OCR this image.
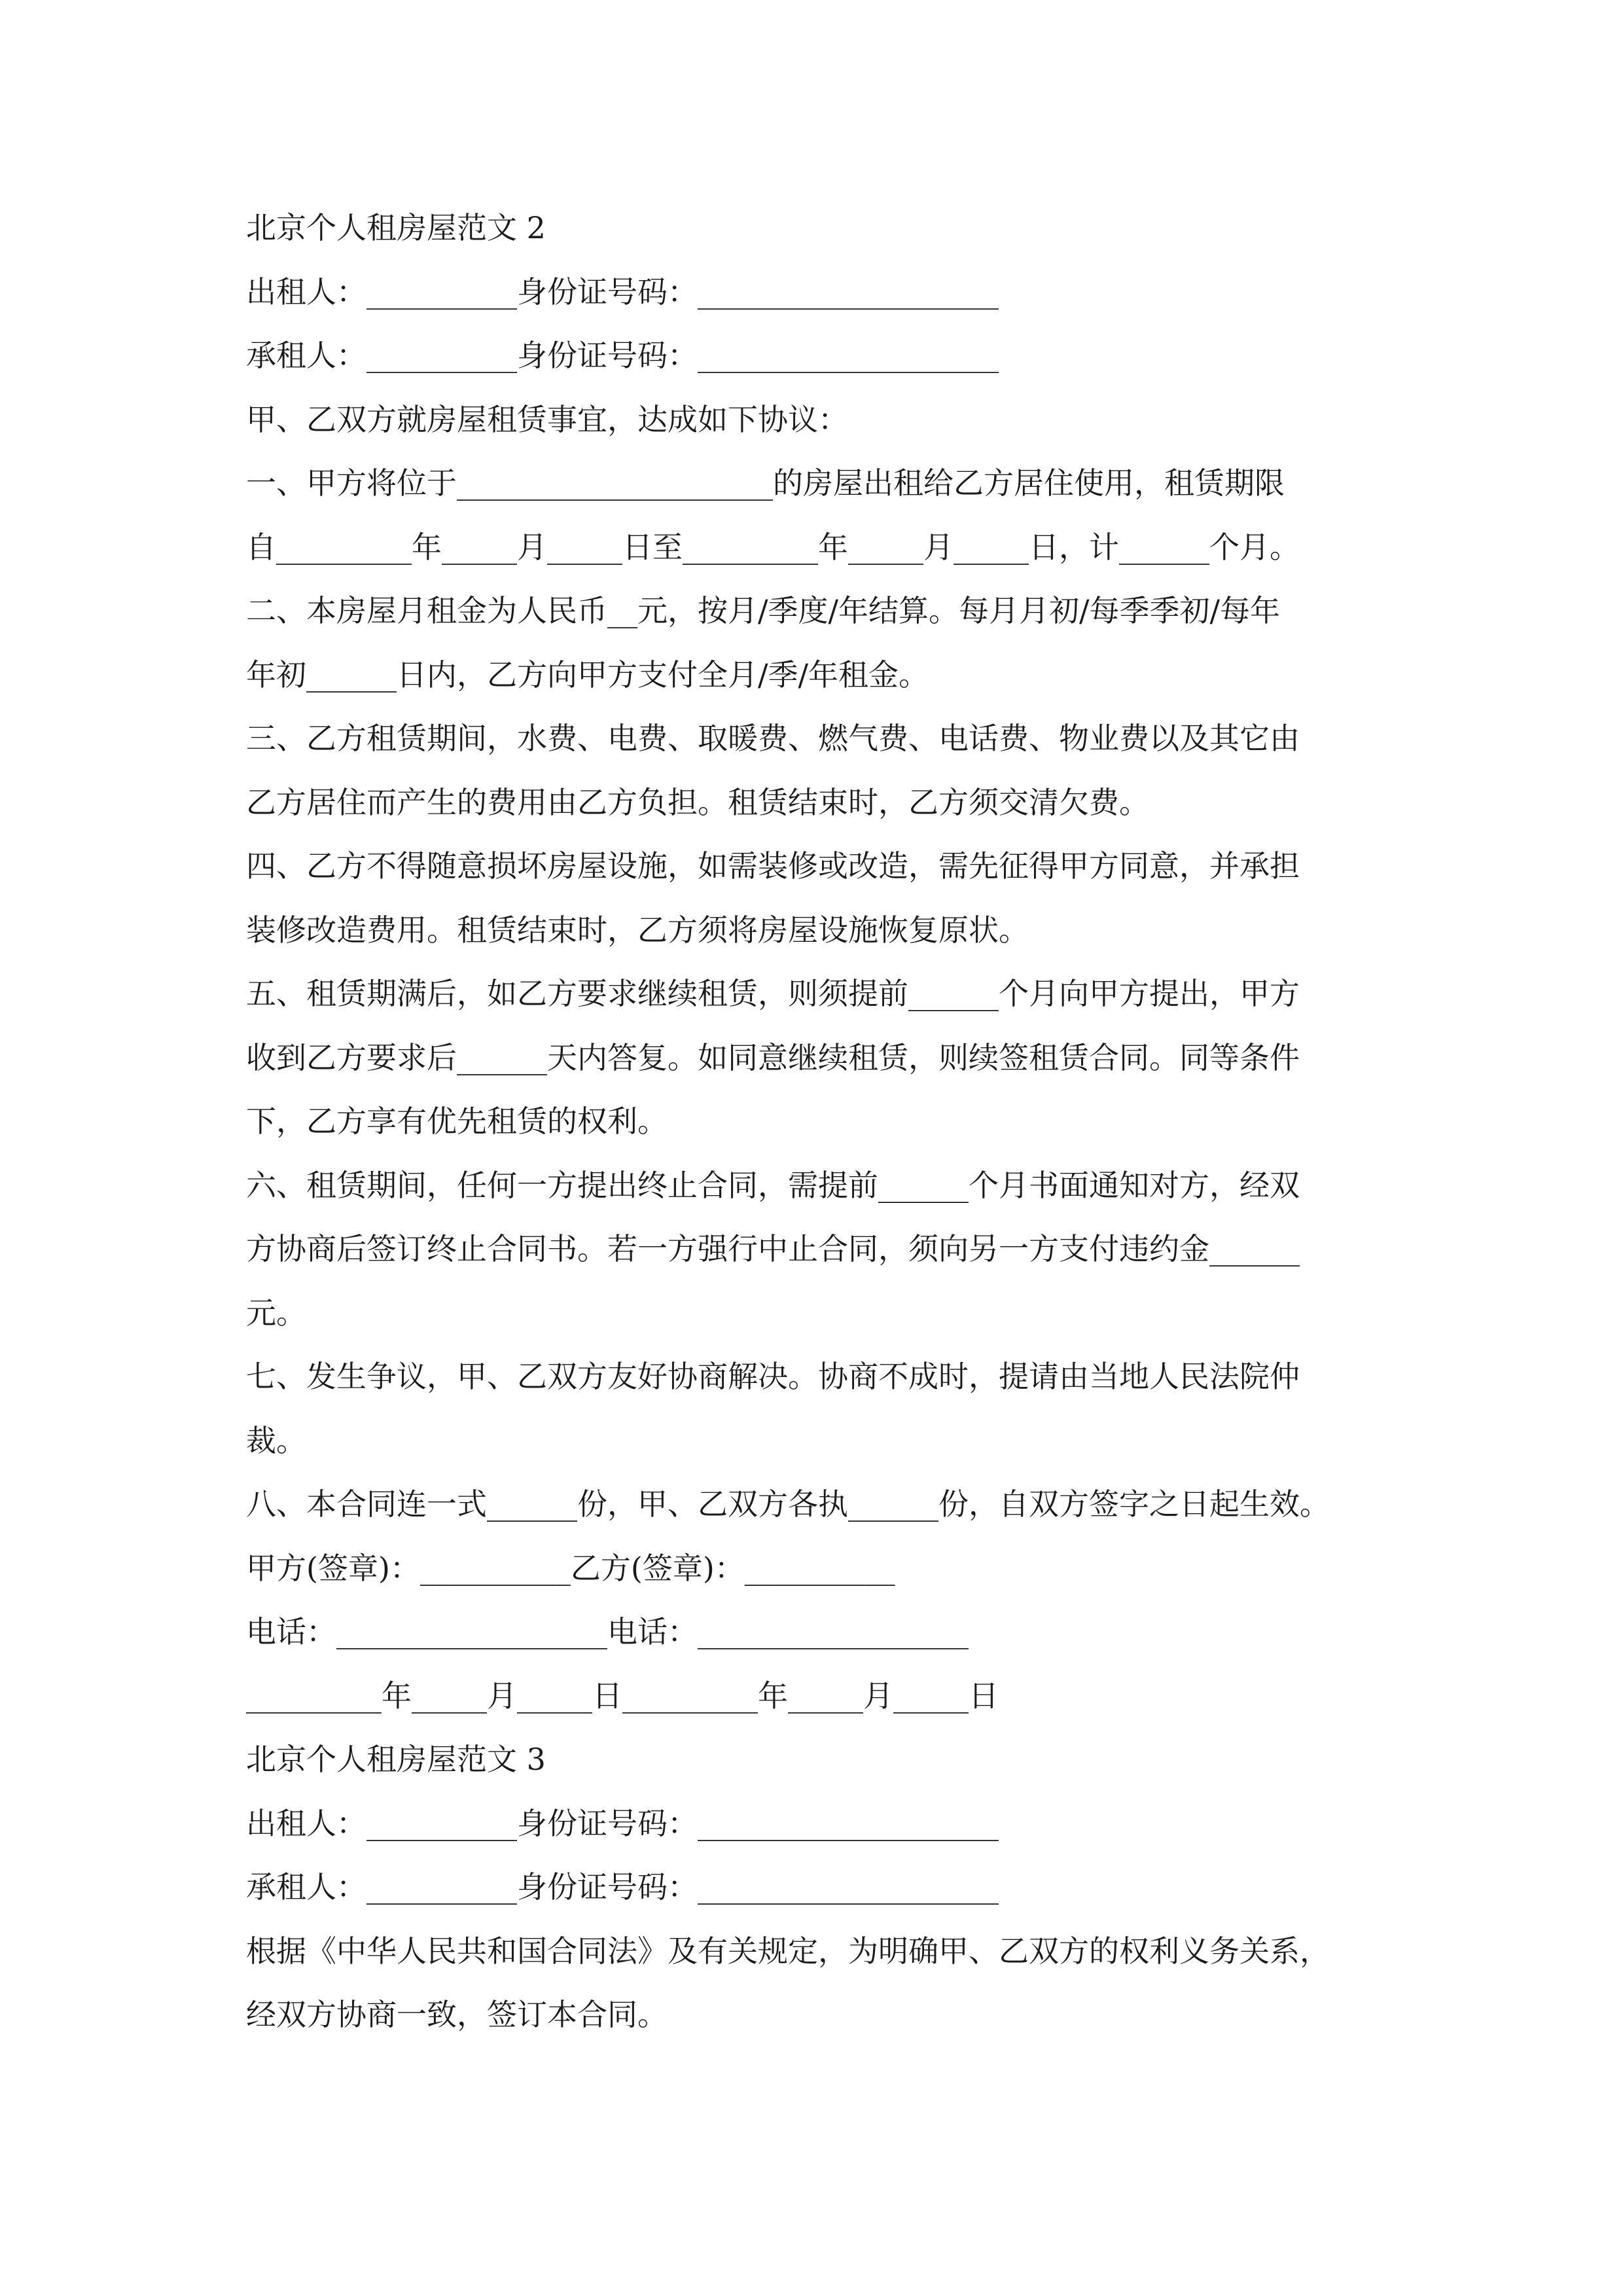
北京个人租房屋范文 2
出租人：__________身份证号码：____________________
承租人：__________身份证号码：____________________
甲、乙双方就房屋租赁事宜，达成如下协议：
一、甲方将位于_____________________的房屋出租给乙方居住使用，租赁期限
自_________年_____月_____日至_________年_____月_____日，计______个月。
二、本房屋月租金为人民币__元，按月/季度/年结算。每月月初/每季季初/每年
年初______日内，乙方向甲方支付全月/季/年租金。
三、乙方租赁期间，水费、电费、取暖费、燃气费、电话费、物业费以及其它由
乙方居住而产生的费用由乙方负担。租赁结束时，乙方须交清欠费。
四、乙方不得随意损坏房屋设施，如需装修或改造，需先征得甲方同意，并承担
装修改造费用。租赁结束时，乙方须将房屋设施恢复原状。
五、租赁期满后，如乙方要求继续租赁，则须提前______个月向甲方提出，甲方
收到乙方要求后______天内答复。如同意继续租赁，则续签租赁合同。同等条件
下，乙方享有优先租赁的权利。
六、租赁期间，任何一方提出终止合同，需提前______个月书面通知对方，经双
方协商后签订终止合同书。若一方强行中止合同，须向另一方支付违约金______
元。
七、发生争议，甲、乙双方友好协商解决。协商不成时，提请由当地人民法院仲
裁。
八、本合同连一式______份，甲、乙双方各执______份，自双方签字之日起生效。
甲方(签章)：__________乙方(签章)：__________
电话：__________________电话：__________________
_________年_____月_____日_________年_____月_____日
北京个人租房屋范文 3
出租人：__________身份证号码：____________________
承租人：__________身份证号码：____________________
根据《中华人民共和国合同法》及有关规定，为明确甲、乙双方的权利义务关系，
经双方协商一致，签订本合同。
